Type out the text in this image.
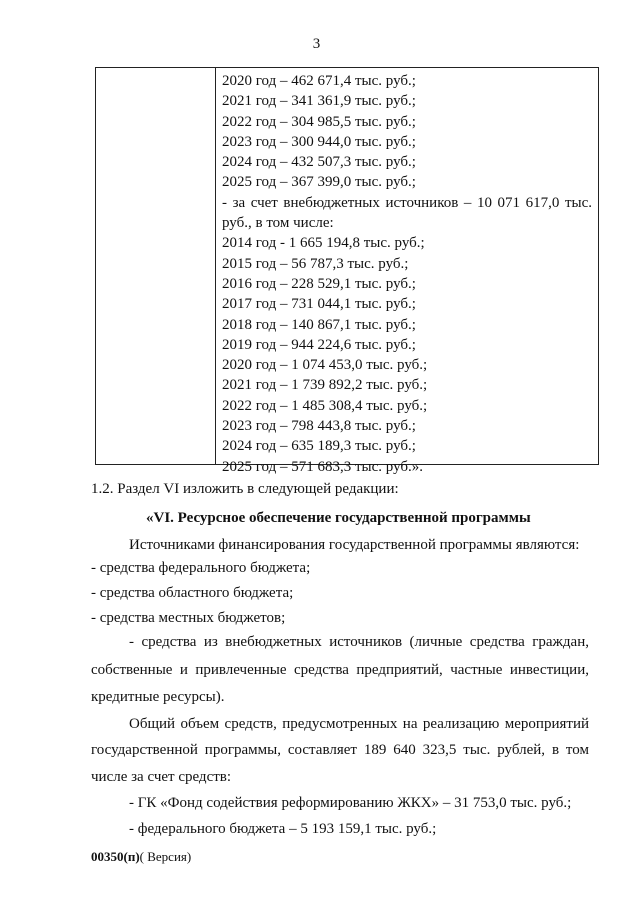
3
2020 год – 462 671,4 тыс. руб.;
2021 год – 341 361,9 тыс. руб.;
2022 год – 304 985,5 тыс. руб.;
2023 год – 300 944,0 тыс. руб.;
2024 год – 432 507,3 тыс. руб.;
2025 год – 367 399,0 тыс. руб.;
- за счет внебюджетных источников – 10 071 617,0 тыс.
руб., в том числе:
2014 год - 1 665 194,8 тыс. руб.;
2015 год – 56 787,3 тыс. руб.;
2016 год – 228 529,1 тыс. руб.;
2017 год – 731 044,1 тыс. руб.;
2018 год – 140 867,1 тыс. руб.;
2019 год – 944 224,6 тыс. руб.;
2020 год – 1 074 453,0 тыс. руб.;
2021 год – 1 739 892,2 тыс. руб.;
2022 год – 1 485 308,4 тыс. руб.;
2023 год – 798 443,8 тыс. руб.;
2024 год – 635 189,3 тыс. руб.;
2025 год – 571 683,3 тыс. руб.».
1.2. Раздел VI изложить в следующей редакции:
«VI. Ресурсное обеспечение государственной программы
Источниками финансирования государственной программы являются:
- средства федерального бюджета;
- средства областного бюджета;
- средства местных бюджетов;
- средства из внебюджетных источников (личные средства граждан,
собственные и привлеченные средства предприятий, частные инвестиции,
кредитные ресурсы).
Общий объем средств, предусмотренных на реализацию мероприятий
государственной программы, составляет 189 640 323,5 тыс. рублей, в том
числе за счет средств:
- ГК «Фонд содействия реформированию ЖКХ» – 31 753,0 тыс. руб.;
- федерального бюджета – 5 193 159,1 тыс. руб.;
00350(п)( Версия)
